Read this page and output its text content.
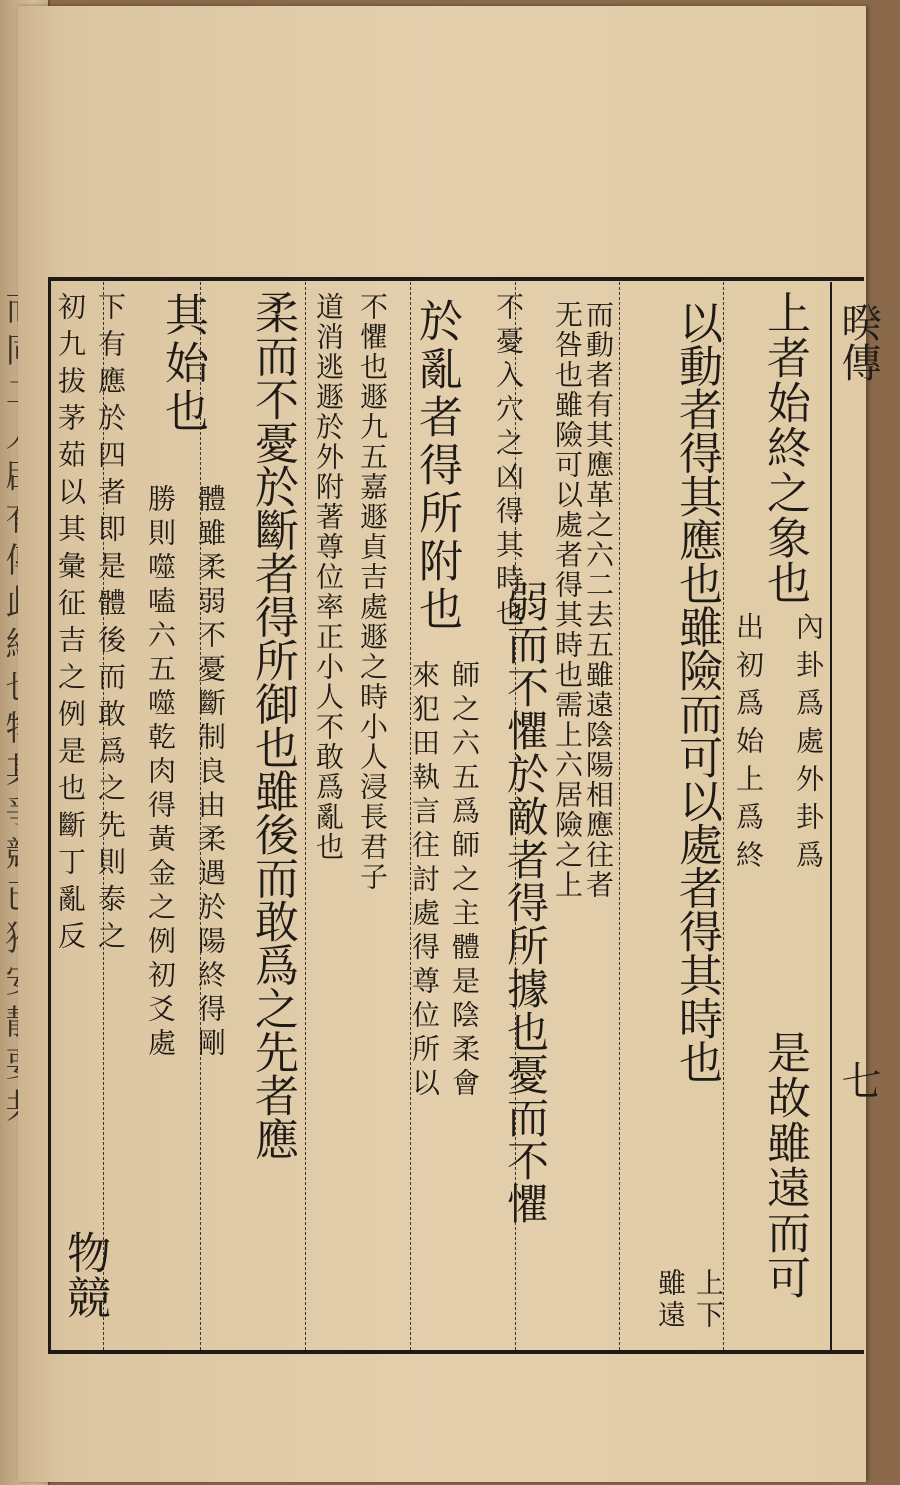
暌傳
七
上者始終之象也
內卦爲處外卦爲
出初爲始上爲終
是故雖遠而可
以動者得其應也雖險而可以處者得其時也
上下
雖遠
而動者有其應革之六二去五雖遠陰陽相應往者
无咎也雖險可以處者得其時也需上六居險之上
不憂入穴之凶得其時也
弱而不懼於敵者得所據也憂而不懼
於亂者得所附也
師之六五爲師之主體是陰柔會
來犯田執言往討處得尊位所以
不懼也遯九五嘉遯貞吉處遯之時小人浸長君子
道消逃遯於外附著尊位率正小人不敢爲亂也
柔而不憂於斷者得所御也雖後而敢爲之先者應
其始也
體雖柔弱不憂斷制良由柔遇於陽終得剛
勝則噬嗑六五噬乾肉得黃金之例初爻處
下有應於四者即是體後而敢爲之先則泰之
初九拔茅茹以其彙征吉之例是也斷丁亂反
物競
